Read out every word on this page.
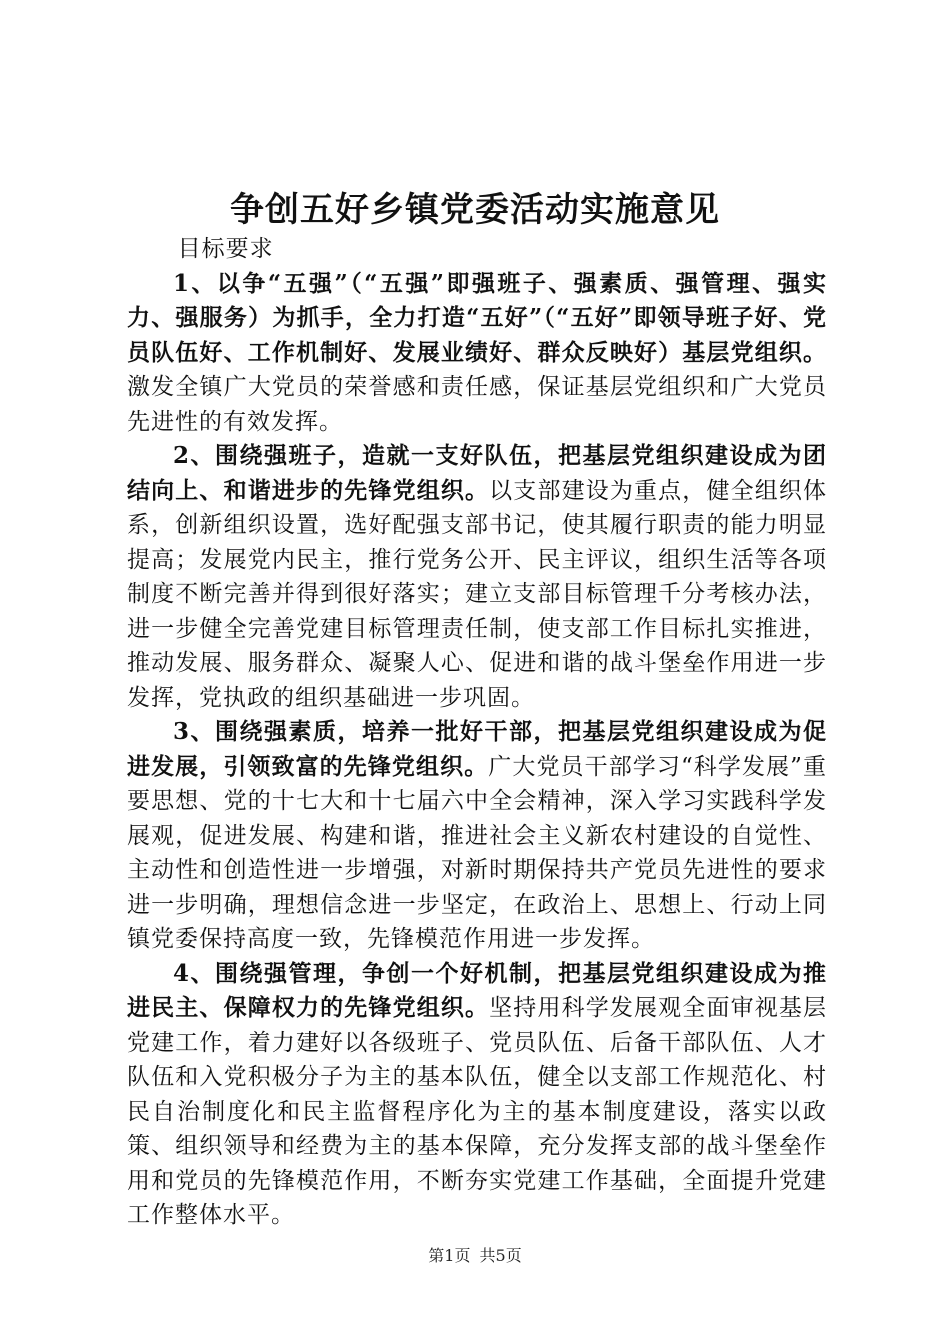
争创五好乡镇党委活动实施意见

目标要求

1、以争“五强”（“五强”即强班子、强素质、强管理、强实力、强服务）为抓手，全力打造“五好”（“五好”即领导班子好、党员队伍好、工作机制好、发展业绩好、群众反映好）基层党组织。激发全镇广大党员的荣誉感和责任感，保证基层党组织和广大党员先进性的有效发挥。

2、围绕强班子，造就一支好队伍，把基层党组织建设成为团结向上、和谐进步的先锋党组织。以支部建设为重点，健全组织体系，创新组织设置，选好配强支部书记，使其履行职责的能力明显提高；发展党内民主，推行党务公开、民主评议，组织生活等各项制度不断完善并得到很好落实；建立支部目标管理千分考核办法，进一步健全完善党建目标管理责任制，使支部工作目标扎实推进，推动发展、服务群众、凝聚人心、促进和谐的战斗堡垒作用进一步发挥，党执政的组织基础进一步巩固。

3、围绕强素质，培养一批好干部，把基层党组织建设成为促进发展，引领致富的先锋党组织。广大党员干部学习“科学发展”重要思想、党的十七大和十七届六中全会精神，深入学习实践科学发展观，促进发展、构建和谐，推进社会主义新农村建设的自觉性、主动性和创造性进一步增强，对新时期保持共产党员先进性的要求进一步明确，理想信念进一步坚定，在政治上、思想上、行动上同镇党委保持高度一致，先锋模范作用进一步发挥。

4、围绕强管理，争创一个好机制，把基层党组织建设成为推进民主、保障权力的先锋党组织。坚持用科学发展观全面审视基层党建工作，着力建好以各级班子、党员队伍、后备干部队伍、人才队伍和入党积极分子为主的基本队伍，健全以支部工作规范化、村民自治制度化和民主监督程序化为主的基本制度建设，落实以政策、组织领导和经费为主的基本保障，充分发挥支部的战斗堡垒作用和党员的先锋模范作用，不断夯实党建工作基础，全面提升党建工作整体水平。

第1页 共5页
